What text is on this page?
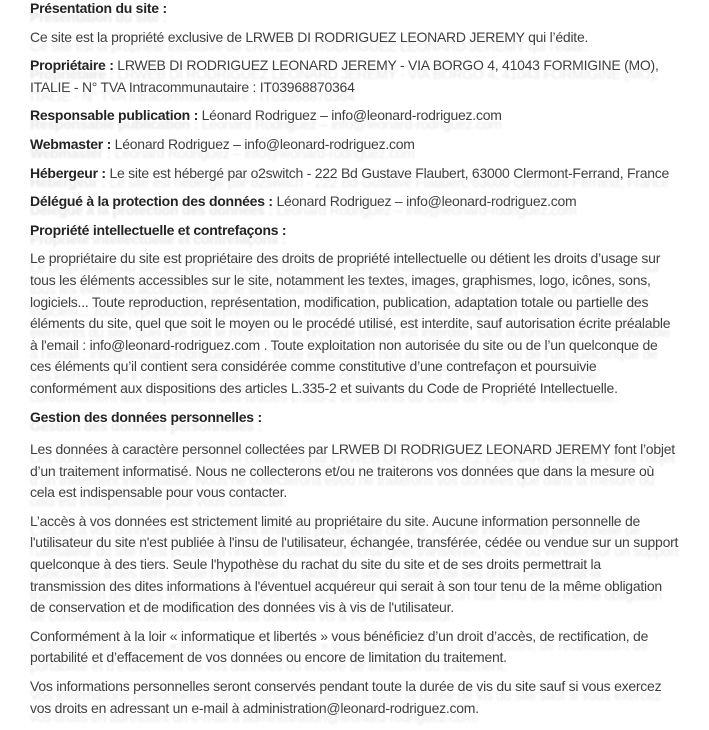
Présentation du site :

Ce site est la propriété exclusive de LRWEB DI RODRIGUEZ LEONARD JEREMY qui l’édite.

Propriétaire : LRWEB DI RODRIGUEZ LEONARD JEREMY - VIA BORGO 4, 41043 FORMIGINE (MO), ITALIE - N° TVA Intracommunautaire : IT03968870364

Responsable publication : Léonard Rodriguez – info@leonard-rodriguez.com

Webmaster : Léonard Rodriguez – info@leonard-rodriguez.com

Hébergeur : Le site est hébergé par o2switch - 222 Bd Gustave Flaubert, 63000 Clermont-Ferrand, France

Délégué à la protection des données : Léonard Rodriguez – info@leonard-rodriguez.com

Propriété intellectuelle et contrefaçons :

Le propriétaire du site est propriétaire des droits de propriété intellectuelle ou détient les droits d’usage sur tous les éléments accessibles sur le site, notamment les textes, images, graphismes, logo, icônes, sons, logiciels... Toute reproduction, représentation, modification, publication, adaptation totale ou partielle des éléments du site, quel que soit le moyen ou le procédé utilisé, est interdite, sauf autorisation écrite préalable à l'email : info@leonard-rodriguez.com . Toute exploitation non autorisée du site ou de l’un quelconque de ces éléments qu’il contient sera considérée comme constitutive d’une contrefaçon et poursuivie conformément aux dispositions des articles L.335-2 et suivants du Code de Propriété Intellectuelle.

Gestion des données personnelles :

Les données à caractère personnel collectées par LRWEB DI RODRIGUEZ LEONARD JEREMY font l’objet d’un traitement informatisé. Nous ne collecterons et/ou ne traiterons vos données que dans la mesure où cela est indispensable pour vous contacter.

L’accès à vos données est strictement limité au propriétaire du site. Aucune information personnelle de l'utilisateur du site n'est publiée à l'insu de l'utilisateur, échangée, transférée, cédée ou vendue sur un support quelconque à des tiers. Seule l'hypothèse du rachat du site du site et de ses droits permettrait la transmission des dites informations à l'éventuel acquéreur qui serait à son tour tenu de la même obligation de conservation et de modification des données vis à vis de l'utilisateur.

Conformément à la loir « informatique et libertés » vous bénéficiez d’un droit d’accès, de rectification, de portabilité et d’effacement de vos données ou encore de limitation du traitement.

Vos informations personnelles seront conservés pendant toute la durée de vis du site sauf si vous exercez vos droits en adressant un e-mail à administration@leonard-rodriguez.com.
